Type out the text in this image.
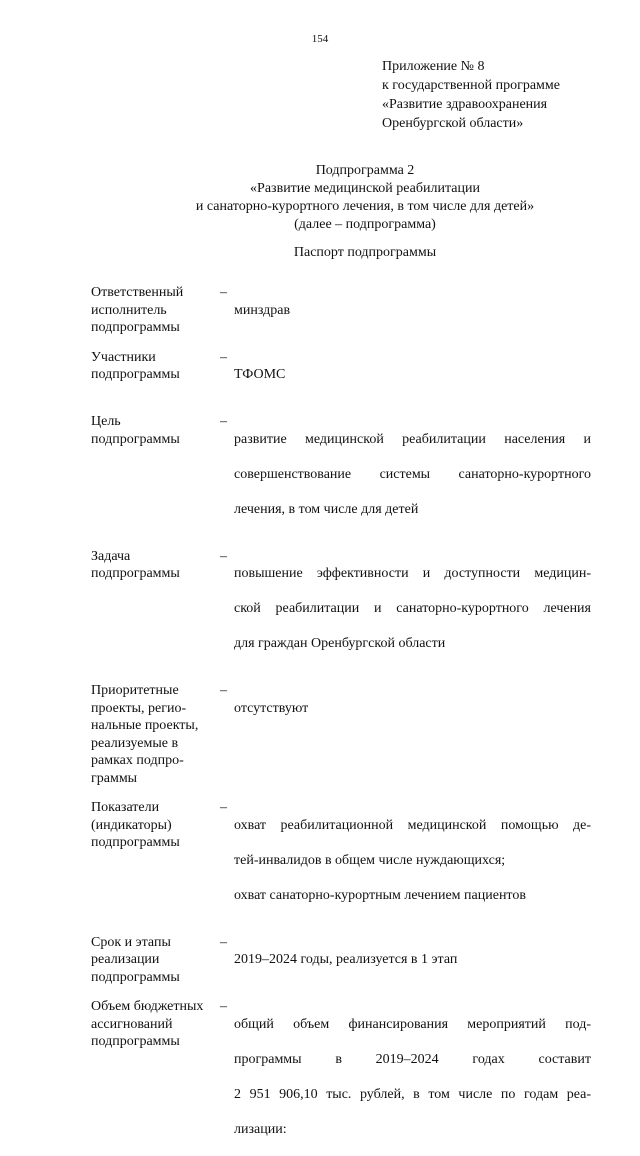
154
Приложение № 8
к государственной программе
«Развитие здравоохранения
Оренбургской области»
Подпрограмма 2
«Развитие медицинской реабилитации
и санаторно-курортного лечения, в том числе для детей»
(далее – подпрограмма)
Паспорт подпрограммы
Ответственный
исполнитель
подпрограммы
–

минздрав

Участники
подпрограммы
–

ТФОМС

Цель
подпрограммы
–

развитие медицинской реабилитации населения и

совершенствование системы санаторно-курортного

лечения, в том числе для детей

Задача
подпрограммы
–

повышение эффективности и доступности медицин-

ской реабилитации и санаторно-курортного лечения

для граждан Оренбургской области

Приоритетные
проекты, регио-
нальные проекты,
реализуемые в
рамках подпро-
граммы
–

отсутствуют

Показатели
(индикаторы)
подпрограммы
–

охват реабилитационной медицинской помощью де-

тей-инвалидов в общем числе нуждающихся;

охват санаторно-курортным лечением пациентов

Срок и этапы
реализации
подпрограммы
–

2019–2024 годы, реализуется в 1 этап

Объем бюджетных
ассигнований
подпрограммы
–

общий объем финансирования мероприятий под-

программы в 2019–2024 годах составит

2 951 906,10 тыс. рублей, в том числе по годам реа-

лизации:
